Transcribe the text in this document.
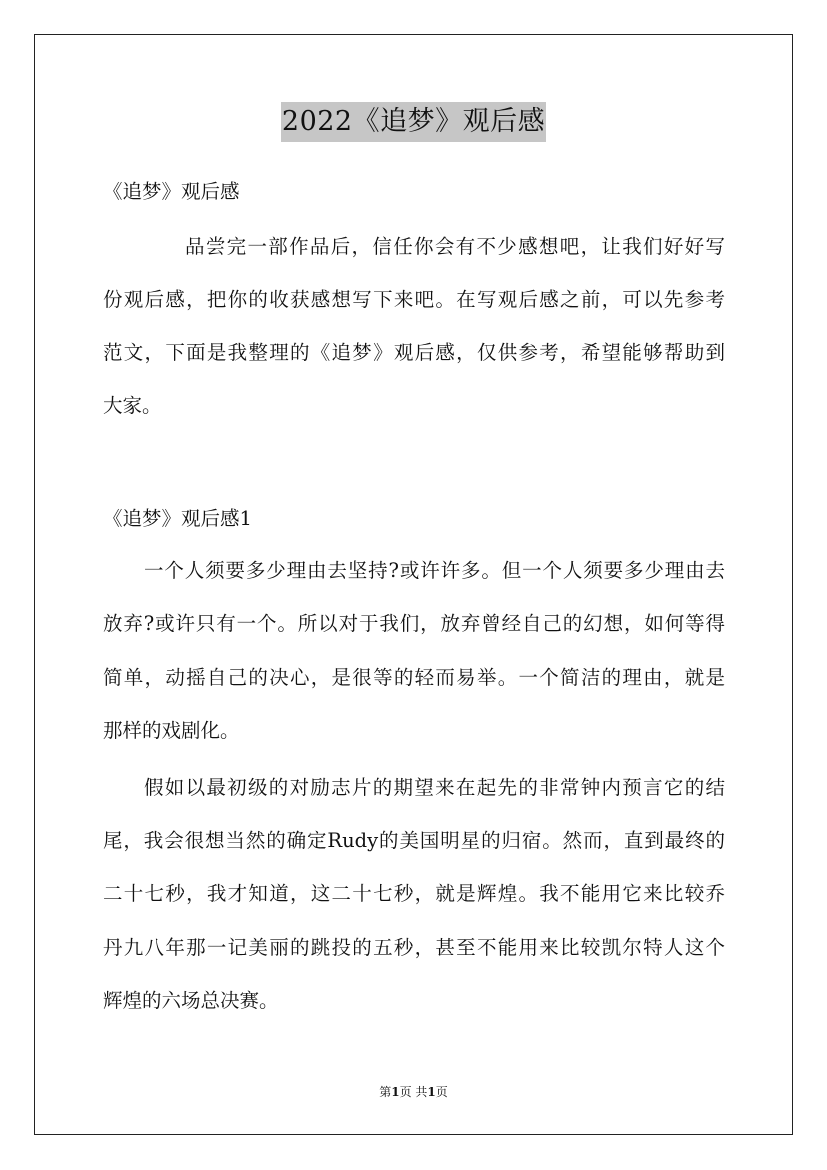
2022《追梦》观后感
《追梦》观后感
品尝完一部作品后，信任你会有不少感想吧，让我们好好写
份观后感，把你的收获感想写下来吧。在写观后感之前，可以先参考
范文，下面是我整理的《追梦》观后感，仅供参考，希望能够帮助到
大家。
《追梦》观后感1
一个人须要多少理由去坚持?或许许多。但一个人须要多少理由去
放弃?或许只有一个。所以对于我们，放弃曾经自己的幻想，如何等得
简单，动摇自己的决心，是很等的轻而易举。一个简洁的理由，就是
那样的戏剧化。
假如以最初级的对励志片的期望来在起先的非常钟内预言它的结
尾，我会很想当然的确定Rudy的美国明星的归宿。然而，直到最终的
二十七秒，我才知道，这二十七秒，就是辉煌。我不能用它来比较乔
丹九八年那一记美丽的跳投的五秒，甚至不能用来比较凯尔特人这个
辉煌的六场总决赛。
第1页 共1页
